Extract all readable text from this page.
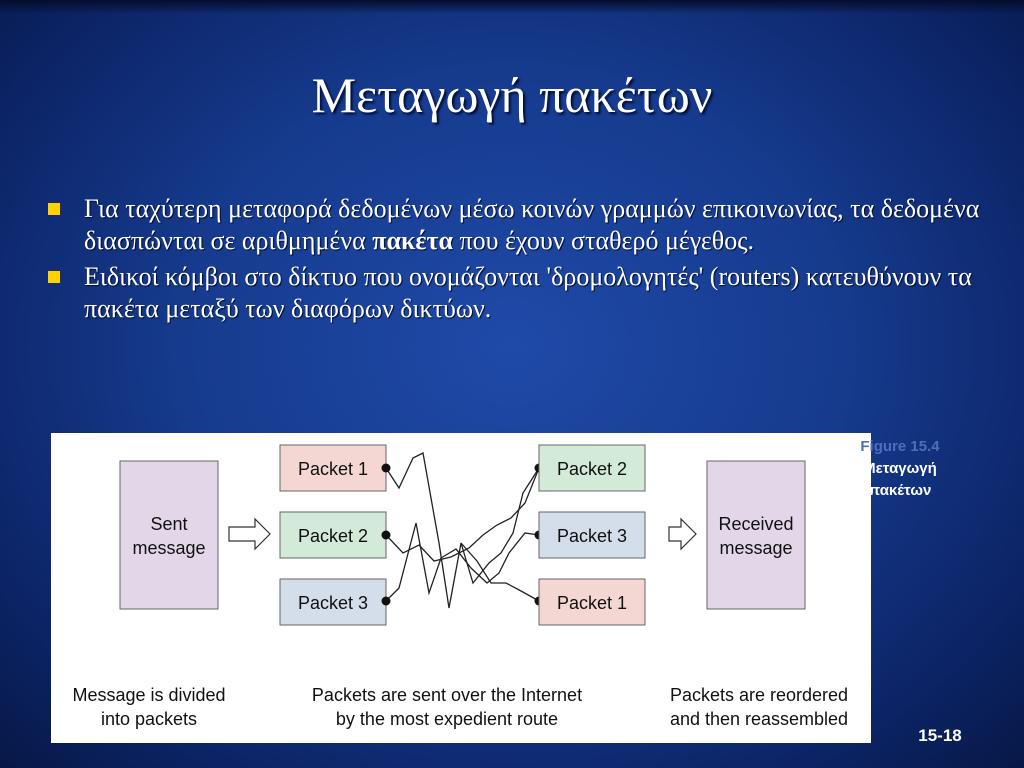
Μεταγωγή πακέτων
Για ταχύτερη μεταφορά δεδομένων μέσω κοινών γραμμών επικοινωνίας, τα δεδομένα διασπώνται σε αριθμημένα πακέτα που έχουν σταθερό μέγεθος.
Ειδικοί κόμβοι στο δίκτυο που ονομάζονται 'δρομολογητές' (routers) κατευθύνουν τα πακέτα μεταξύ των διαφόρων δικτύων.
Sent
message
Packet 1
Packet 2
Packet 3
Packet 2
Packet 3
Packet 1
Received
message
Message is divided
into packets
Packets are sent over the Internet
by the most expedient route
Packets are reordered
and then reassembled
Figure 15.4
Μεταγωγή
πακέτων
15-18
